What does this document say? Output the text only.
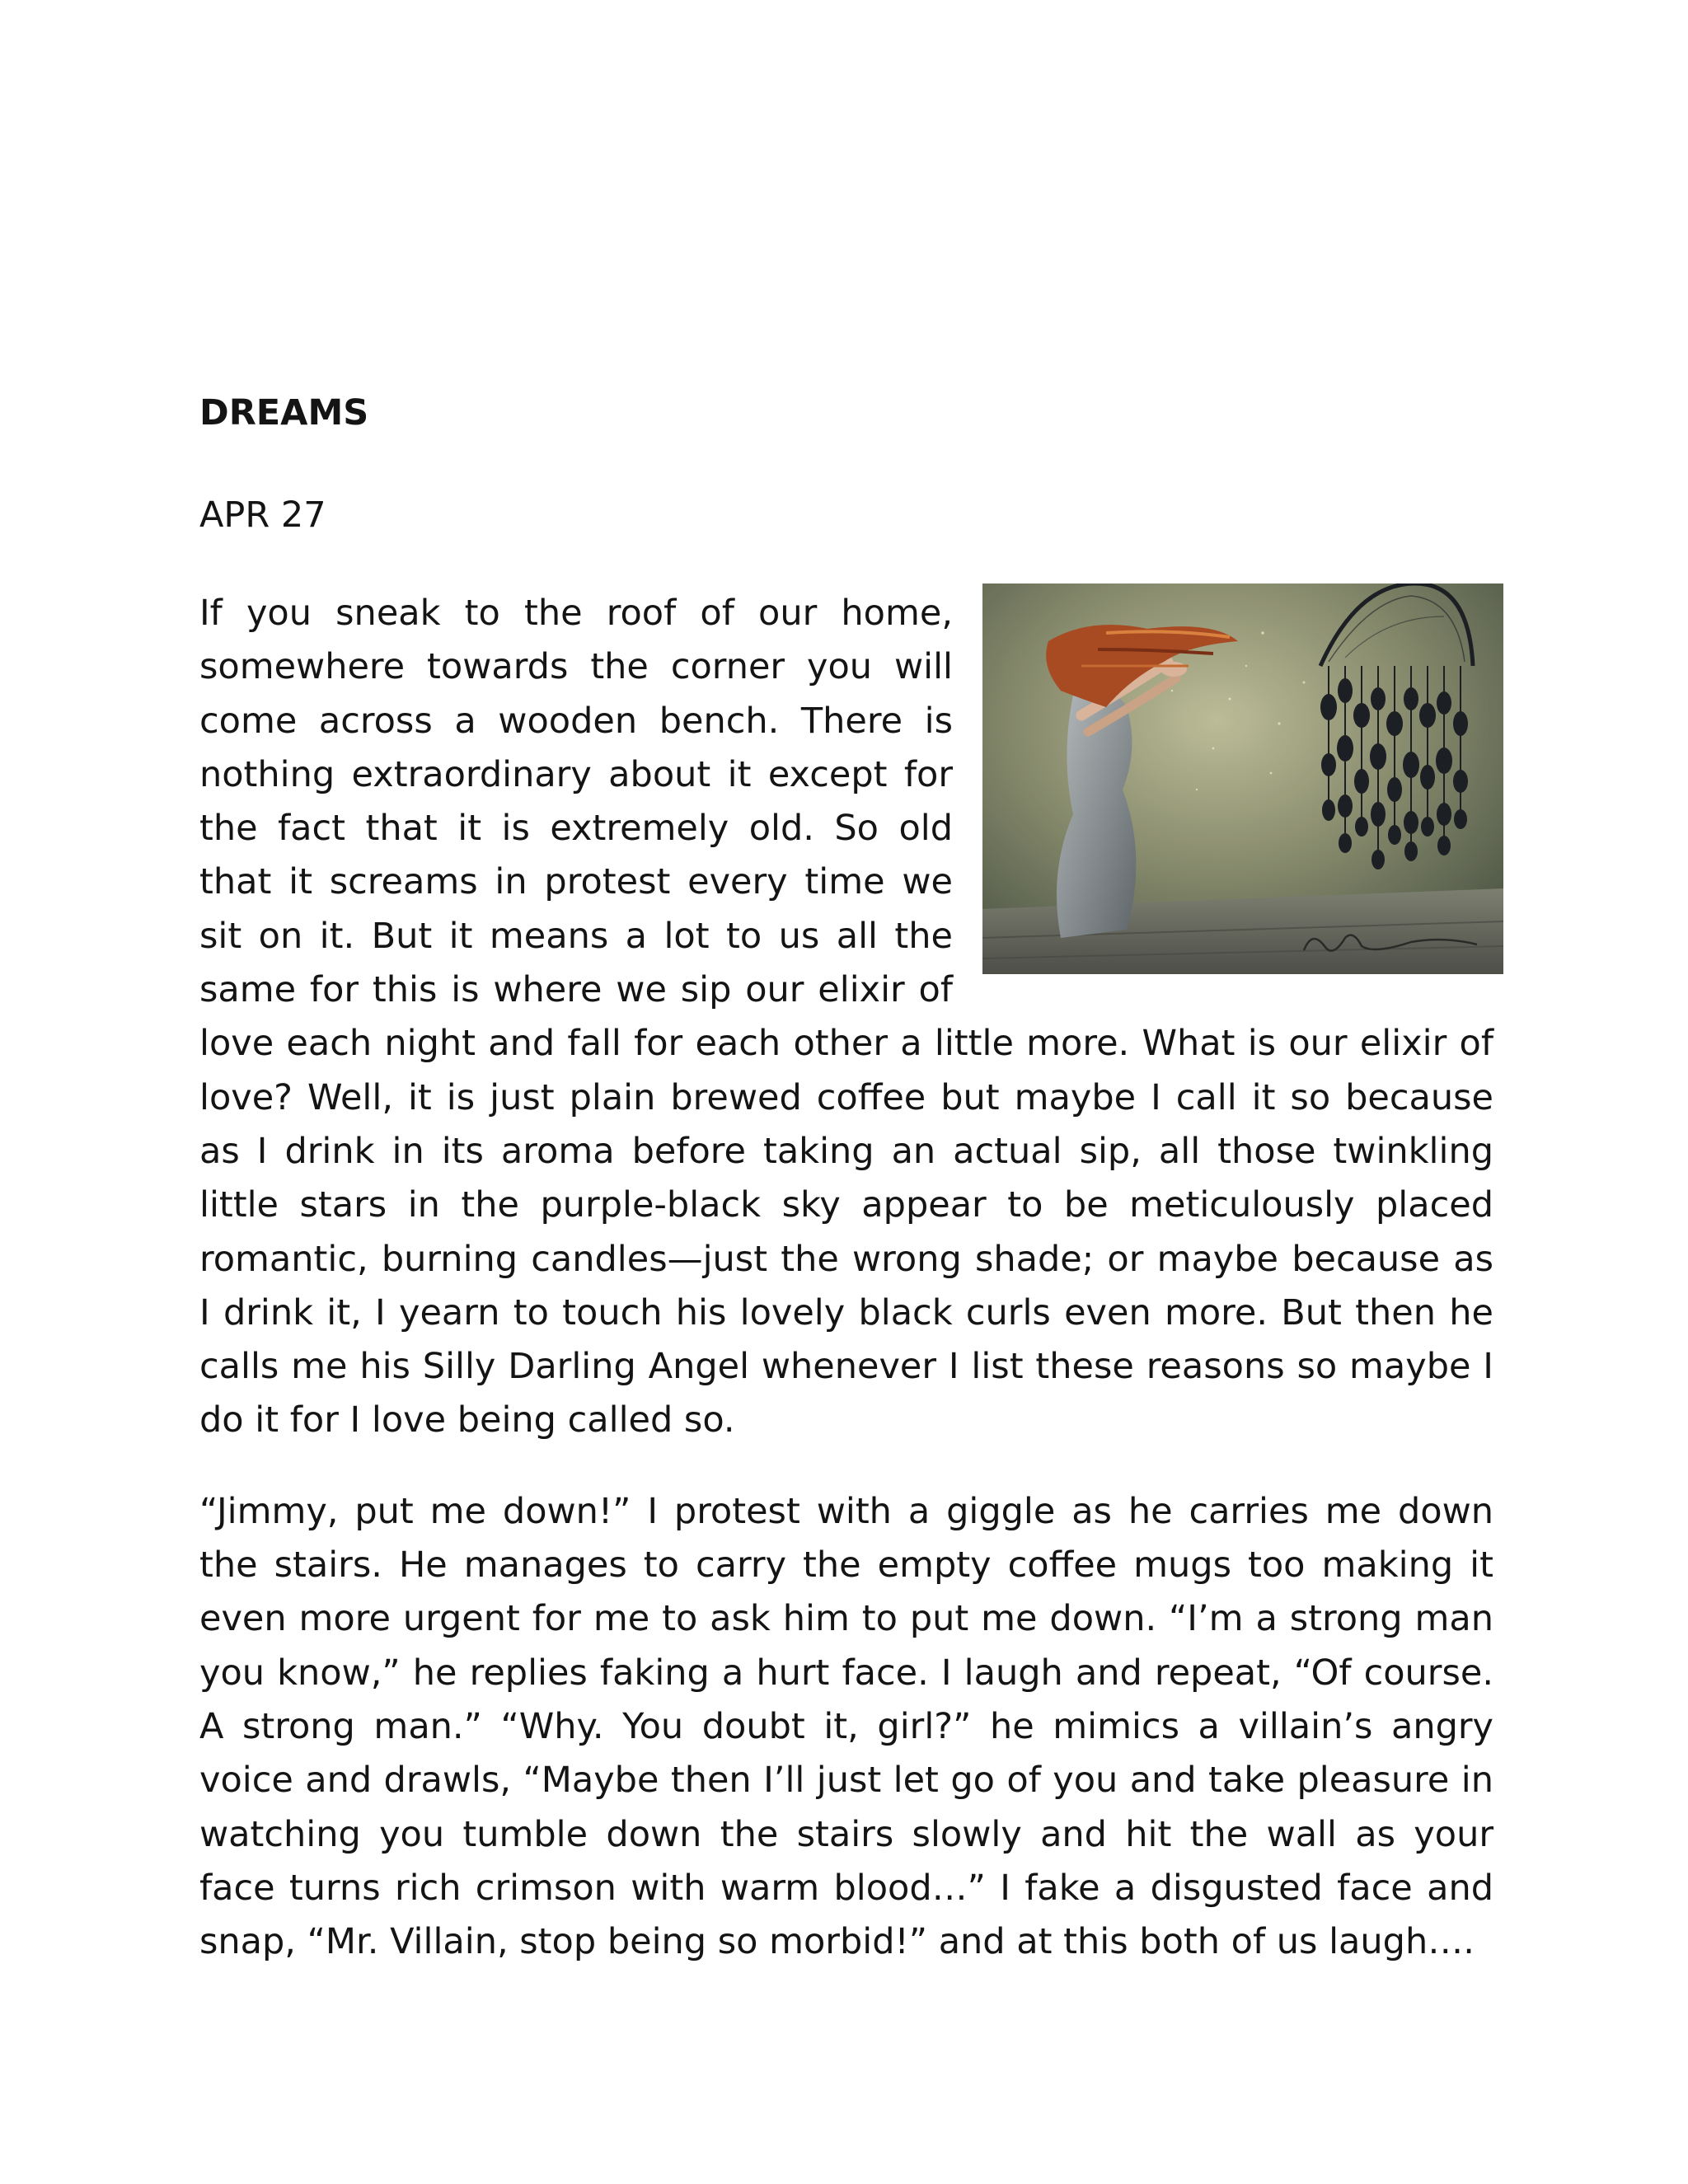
DREAMS
APR 27

If you sneak to the roof of our home, somewhere towards the corner you will come across a wooden bench. There is nothing extraordinary about it except for the fact that it is extremely old. So old that it screams in protest every time we sit on it. But it means a lot to us all the same for this is where we sip our elixir of love each night and fall for each other a little more. What is our elixir of love? Well, it is just plain brewed coffee but maybe I call it so because as I drink in its aroma before taking an actual sip, all those twinkling little stars in the purple-black sky appear to be meticulously placed romantic, burning candles—just the wrong shade; or maybe because as I drink it, I yearn to touch his lovely black curls even more. But then he calls me his Silly Darling Angel whenever I list these reasons so maybe I do it for I love being called so.

“Jimmy, put me down!” I protest with a giggle as he carries me down the stairs. He manages to carry the empty coffee mugs too making it even more urgent for me to ask him to put me down. “I’m a strong man you know,” he replies faking a hurt face. I laugh and repeat, “Of course. A strong man.” “Why. You doubt it, girl?” he mimics a villain’s angry voice and drawls, “Maybe then I’ll just let go of you and take pleasure in watching you tumble down the stairs slowly and hit the wall as your face turns rich crimson with warm blood…” I fake a disgusted face and snap, “Mr. Villain, stop being so morbid!” and at this both of us laugh….
